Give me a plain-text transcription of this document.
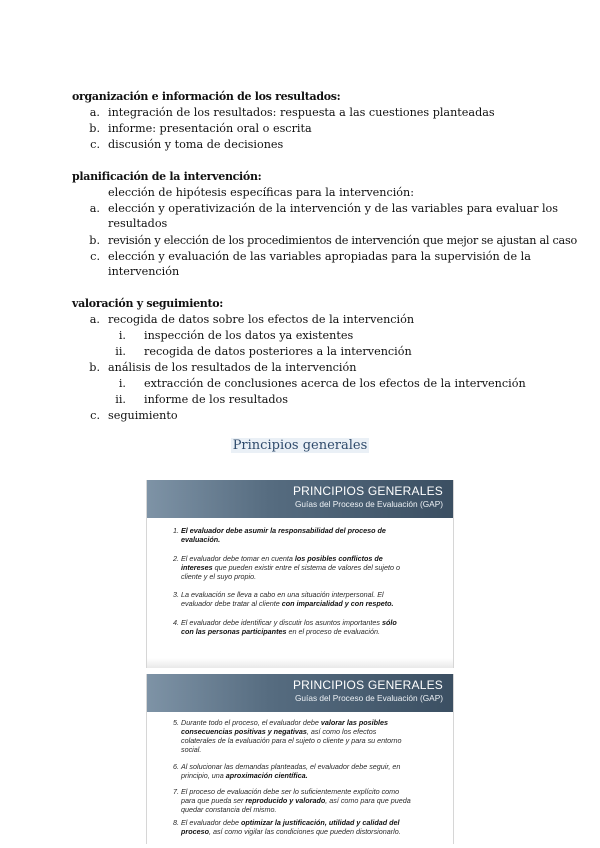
organización e información de los resultados:
a. integración de los resultados: respuesta a las cuestiones planteadas
b. informe: presentación oral o escrita
c. discusión y toma de decisiones
planificación de la intervención:
elección de hipótesis específicas para la intervención:
a. elección y operativización de la intervención y de las variables para evaluar los
resultados
b. revisión y elección de los procedimientos de intervención que mejor se ajustan al caso
c. elección y evaluación de las variables apropiadas para la supervisión de la
intervención
valoración y seguimiento:
a. recogida de datos sobre los efectos de la intervención
i. inspección de los datos ya existentes
ii. recogida de datos posteriores a la intervención
b. análisis de los resultados de la intervención
i. extracción de conclusiones acerca de los efectos de la intervención
ii. informe de los resultados
c. seguimiento
Principios generales
PRINCIPIOS GENERALES
Guías del Proceso de Evaluación (GAP)
1. El evaluador debe asumir la responsabilidad del proceso de evaluación.
2. El evaluador debe tomar en cuenta los posibles conflictos de intereses que pueden existir entre el sistema de valores del sujeto o cliente y el suyo propio.
3. La evaluación se lleva a cabo en una situación interpersonal. El evaluador debe tratar al cliente con imparcialidad y con respeto.
4. El evaluador debe identificar y discutir los asuntos importantes sólo con las personas participantes en el proceso de evaluación.
PRINCIPIOS GENERALES
Guías del Proceso de Evaluación (GAP)
5. Durante todo el proceso, el evaluador debe valorar las posibles consecuencias positivas y negativas, así como los efectos colaterales de la evaluación para el sujeto o cliente y para su entorno social.
6. Al solucionar las demandas planteadas, el evaluador debe seguir, en principio, una aproximación científica.
7. El proceso de evaluación debe ser lo suficientemente explícito como para que pueda ser reproducido y valorado, así como para que pueda quedar constancia del mismo.
8. El evaluador debe optimizar la justificación, utilidad y calidad del proceso, así como vigilar las condiciones que pueden distorsionarlo.
